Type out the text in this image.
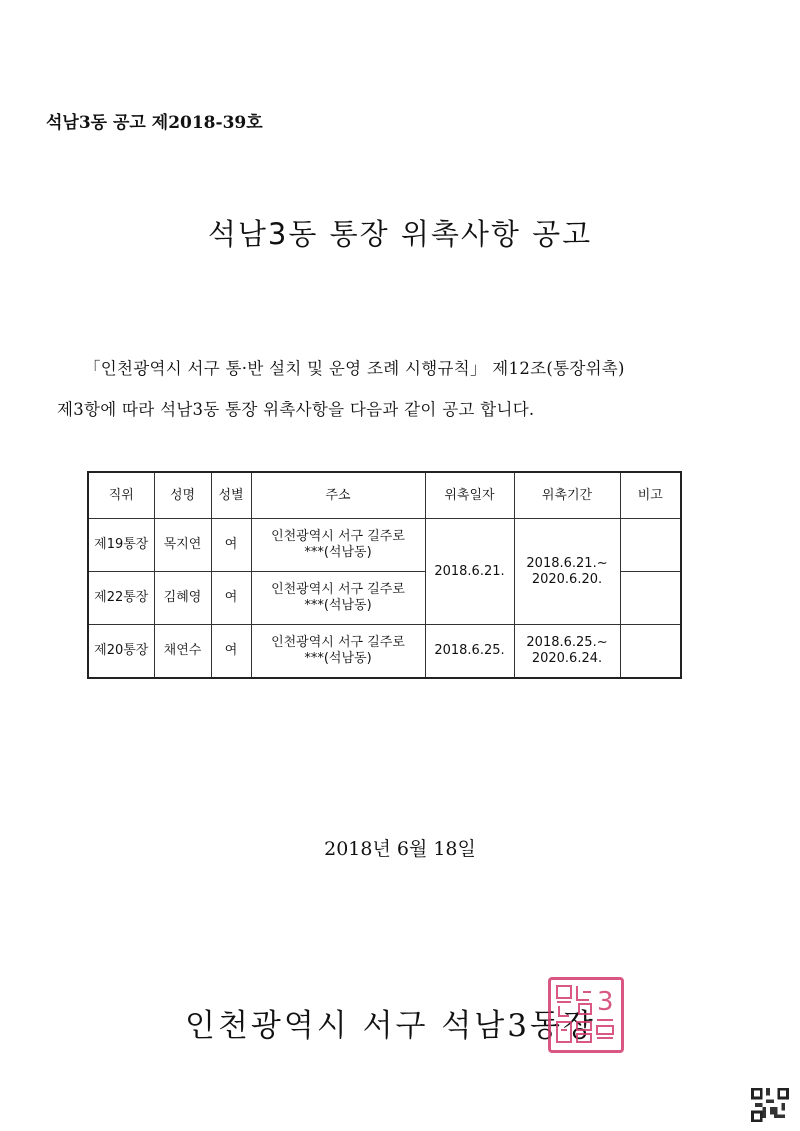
석남3동 공고 제2018-39호
석남3동 통장 위촉사항 공고
「인천광역시 서구 통·반 설치 및 운영 조례 시행규칙」 제12조(통장위촉)
제3항에 따라 석남3동 통장 위촉사항을 다음과 같이 공고 합니다.
직위	성명	성별	주소	위촉일자	위촉기간	비고
제19통장	목지연	여	인천광역시 서구 길주로
***(석남동)	2018.6.21.	2018.6.21.~
2020.6.20.	
제22통장	김혜영	여	인천광역시 서구 길주로
***(석남동)			
제20통장	채연수	여	인천광역시 서구 길주로
***(석남동)	2018.6.25.	2018.6.25.~
2020.6.24.	
2018년 6월 18일
인천광역시 서구 석남3동장
3
